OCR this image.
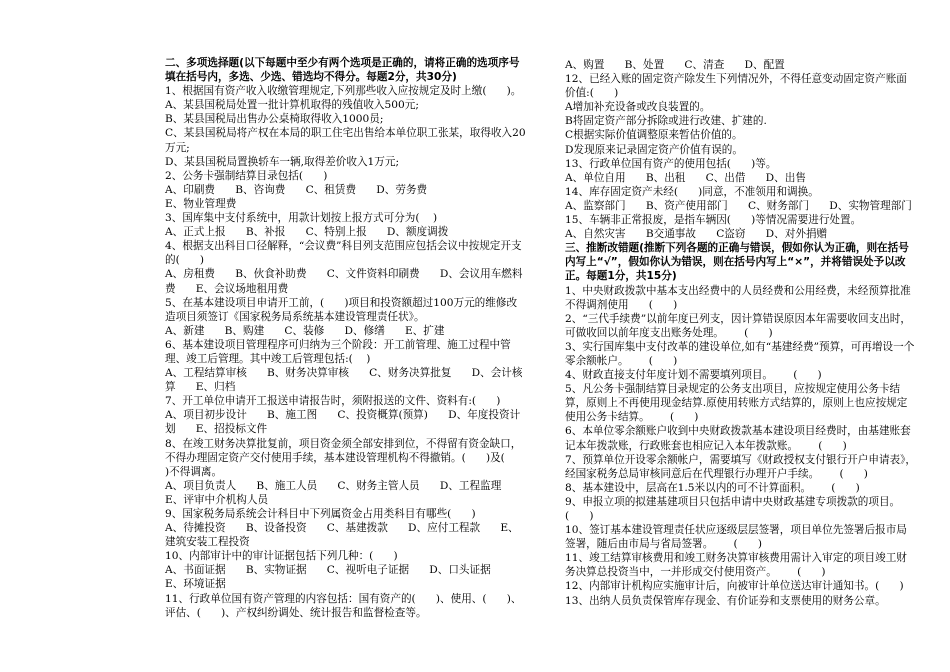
二、多项选择题(以下每题中至少有两个选项是正确的，请将正确的选项序号填在括号内，多选、少选、错选均不得分。每题2分，共30分)
1、根据国有资产收入收缴管理规定,下列那些收入应按规定及时上缴(      )。
A、某县国税局处置一批计算机取得的残值收入500元;
B、某县国税局出售办公桌椅取得收入1000员;
C、某县国税局将产权在本局的职工住宅出售给本单位职工张某，取得收入20万元;
D、某县国税局置换轿车一辆,取得差价收入1万元;
2、公务卡强制结算目录包括(      )
A、印刷费      B、咨询费      C、租赁费      D、劳务费
E、物业管理费
3、国库集中支付系统中，用款计划按上报方式可分为(    )
A、正式上报      B、补报      C、特别上报      D、额度调拨
4、根据支出科目口径解释，“会议费”科目列支范围应包括会议中按规定开支的(      )
A、房租费      B、伙食补助费      C、文件资料印刷费      D、会议用车燃料费      E、会议场地租用费
5、在基本建设项目申请开工前，(      )项目和投资额超过100万元的维修改造项目须签订《国家税务局系统基本建设管理责任状》。
A、新建      B、购建      C、装修      D、修缮      E、扩建
6、基本建设项目管理程序可归纳为三个阶段：开工前管理、施工过程中管理、竣工后管理。其中竣工后管理包括:(    )
A、工程结算审核      B、财务决算审核      C、财务决算批复      D、会计核算      E、归档
7、开工单位申请开工报送申请报告时，须附报送的文件、资料有:(      )
A、项目初步设计      B、施工图      C、投资概算(预算)      D、年度投资计划      E、招投标文件
8、在竣工财务决算批复前，项目资金须全部安排到位，不得留有资金缺口，不得办理固定资产交付使用手续，基本建设管理机构不得撤销。(      )及(      )不得调离。
A、项目负责人      B、施工人员      C、财务主管人员      D、工程监理      E、评审中介机构人员
9、国家税务局系统会计科目中下列属资金占用类科目有哪些(      )
A、待摊投资      B、设备投资      C、基建拨款      D、应付工程款      E、建筑安装工程投资
10、内部审计中的审计证据包括下列几种：(      )
A、书面证据      B、实物证据      C、视听电子证据      D、口头证据      E、环境证据
11、行政单位国有资产管理的内容包括：国有资产的(      )、使用、(      )、评估、(      )、产权纠纷调处、统计报告和监督检查等。
A、购置      B、处置      C、清查      D、配置
12、已经入账的固定资产除发生下列情况外，不得任意变动固定资产账面价值:(      )
A增加补充设备或改良装置的。
B将固定资产部分拆除或进行改建、扩建的.
C根据实际价值调整原来暂估价值的。
D发现原来记录固定资产价值有误的。
13、行政单位国有资产的使用包括(      )等。
A、单位自用      B、出租      C、出借      D、出售
14、库存固定资产未经(      )同意，不准领用和调换。
A、监察部门      B、资产使用部门      C、财务部门      D、实物管理部门
15、车辆非正常报废，是指车辆因(      )等情况需要进行处置。
A、自然灾害      B交通事故      C盗窃      D、对外捐赠
三、推断改错题(推断下列各题的正确与错误，假如你认为正确，则在括号内写上“√”，假如你认为错误，则在括号内写上“×”，并将错误处予以改正。每题1分，共15分)
1、中央财政拨款中基本支出经费中的人员经费和公用经费，未经预算批准不得调剂使用      (      )
2、“三代手续费”以前年度已列支，因计算错误原因本年需要收回支出时，可做收回以前年度支出账务处理。      (      )
3、实行国库集中支付改革的建设单位,如有“基建经费”预算，可再增设一个零余额帐户。      (      )
4、财政直接支付年度计划不需要填列项目。      (      )
5、凡公务卡强制结算目录规定的公务支出项目，应按规定使用公务卡结算，原则上不再使用现金结算.原使用转账方式结算的，原则上也应按规定使用公务卡结算。      (      )
6、本单位零余额账户收到中央财政拨款基本建设项目经费时，由基建账套记本年拨款账，行政账套也相应记入本年拨款账。      (      )
7、预算单位开设零余额帐户，需要填写《财政授权支付银行开户申请表》，经国家税务总局审核同意后在代理银行办理开户手续。      (      )
8、基本建设中，层高在1.5米以内的可不计算面积。      (      )
9、申报立项的拟建基建项目只包括申请中央财政基建专项拨款的项目。      (      )
10、签订基本建设管理责任状应逐级层层签署，项目单位先签署后报市局签署，随后由市局与省局签署。      (      )
11、竣工结算审核费用和竣工财务决算审核费用需计入审定的项目竣工财务决算总投资当中，一并形成交付使用资产。      (      )
12、内部审计机构应实施审计后，向被审计单位送达审计通知书。(      )
13、出纳人员负责保管库存现金、有价证券和支票使用的财务公章。
